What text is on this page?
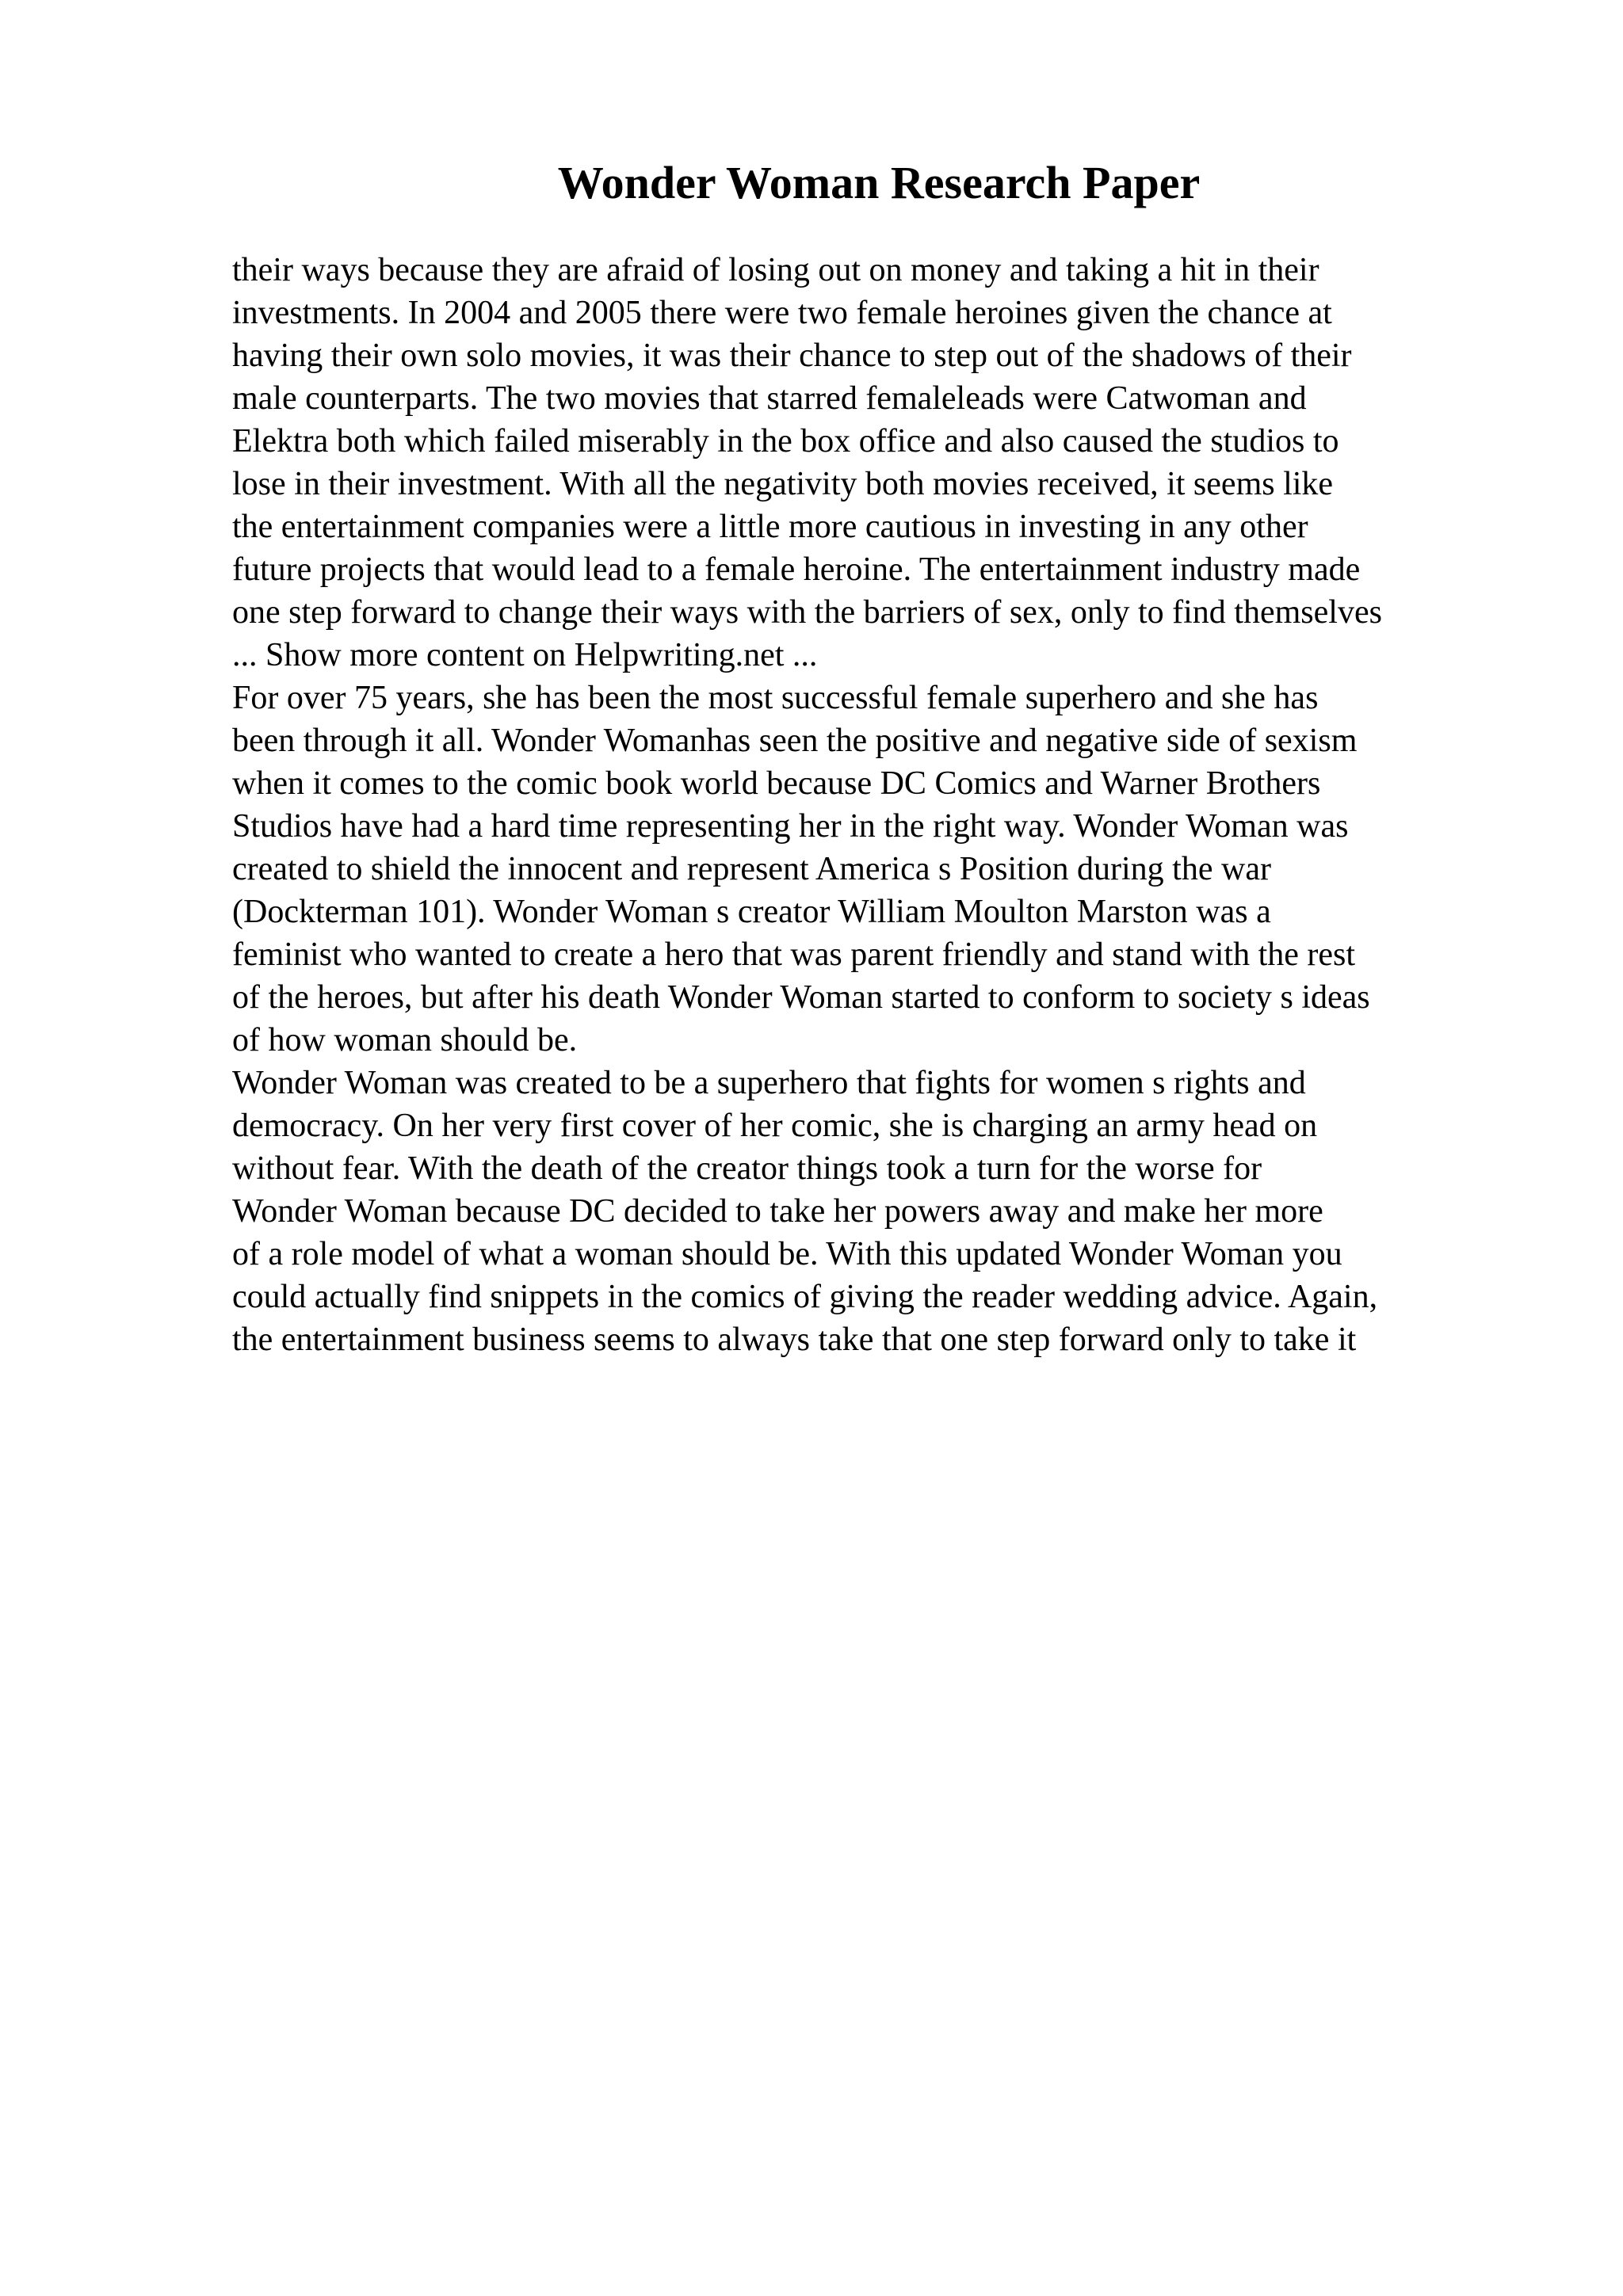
Wonder Woman Research Paper
their ways because they are afraid of losing out on money and taking a hit in their
investments. In 2004 and 2005 there were two female heroines given the chance at
having their own solo movies, it was their chance to step out of the shadows of their
male counterparts. The two movies that starred femaleleads were Catwoman and
Elektra both which failed miserably in the box office and also caused the studios to
lose in their investment. With all the negativity both movies received, it seems like
the entertainment companies were a little more cautious in investing in any other
future projects that would lead to a female heroine. The entertainment industry made
one step forward to change their ways with the barriers of sex, only to find themselves
... Show more content on Helpwriting.net ...
For over 75 years, she has been the most successful female superhero and she has
been through it all. Wonder Womanhas seen the positive and negative side of sexism
when it comes to the comic book world because DC Comics and Warner Brothers
Studios have had a hard time representing her in the right way. Wonder Woman was
created to shield the innocent and represent America s Position during the war
(Dockterman 101). Wonder Woman s creator William Moulton Marston was a
feminist who wanted to create a hero that was parent friendly and stand with the rest
of the heroes, but after his death Wonder Woman started to conform to society s ideas
of how woman should be.
Wonder Woman was created to be a superhero that fights for women s rights and
democracy. On her very first cover of her comic, she is charging an army head on
without fear. With the death of the creator things took a turn for the worse for
Wonder Woman because DC decided to take her powers away and make her more
of a role model of what a woman should be. With this updated Wonder Woman you
could actually find snippets in the comics of giving the reader wedding advice. Again,
the entertainment business seems to always take that one step forward only to take it
